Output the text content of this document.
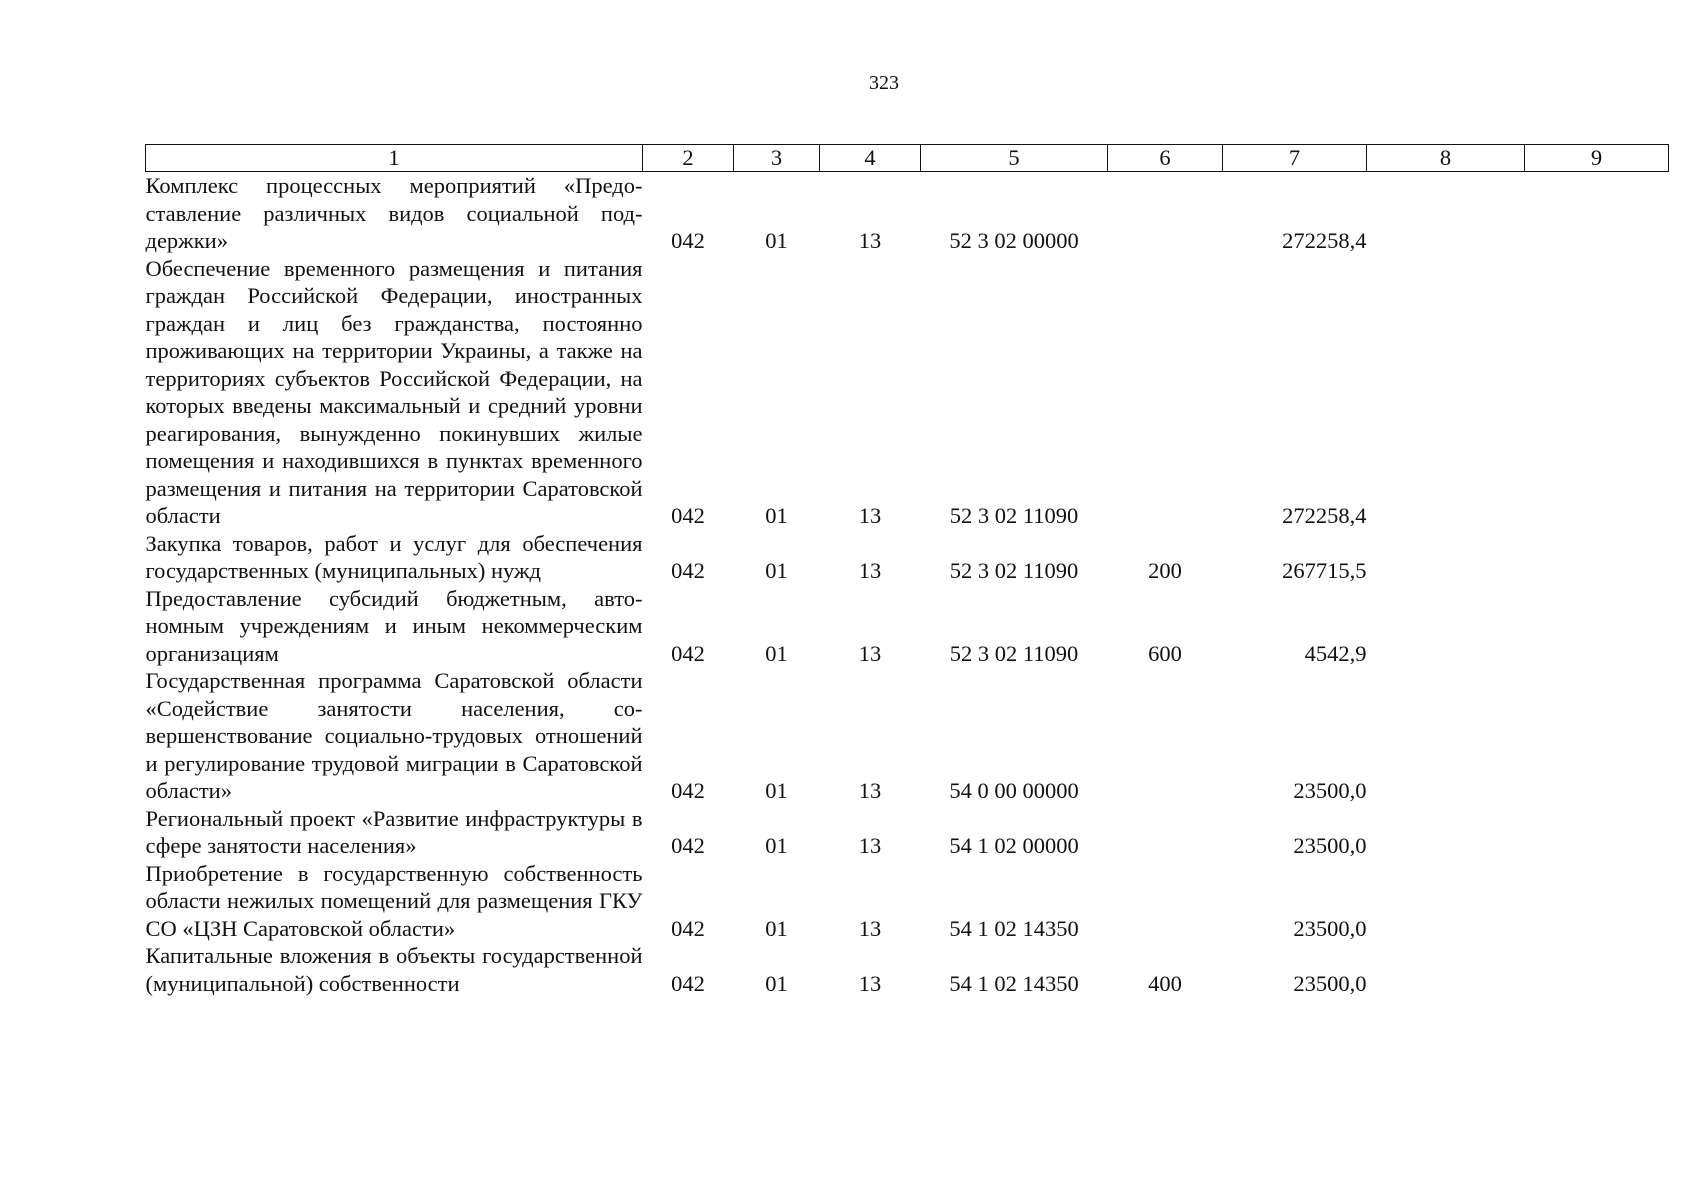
323
1	2	3	4	5	6	7	8	9
Комплекс процессных мероприятий «Предоставление различных видов социальной поддержки»	042	01	13	52 3 02 00000		272258,4		
Обеспечение временного размещения и питания граждан Российской Федерации, иностранных граждан и лиц без гражданства, постоянно проживающих на территории Украины, а также на территориях субъектов Российской Федерации, на которых введены максимальный и средний уровни реагирования, вынужденно покинувших жилые помещения и находившихся в пунктах временного размещения и питания на территории Саратовской области	042	01	13	52 3 02 11090		272258,4		
Закупка товаров, работ и услуг для обеспечения государственных (муниципальных) нужд	042	01	13	52 3 02 11090	200	267715,5		
Предоставление субсидий бюджетным, автономным учреждениям и иным некоммерческим организациям	042	01	13	52 3 02 11090	600	4542,9		
Государственная программа Саратовской области «Содействие занятости населения, совершенствование социально-трудовых отношений и регулирование трудовой миграции в Саратовской области»	042	01	13	54 0 00 00000		23500,0		
Региональный проект «Развитие инфраструктуры в сфере занятости населения»	042	01	13	54 1 02 00000		23500,0		
Приобретение в государственную собственность области нежилых помещений для размещения ГКУ СО «ЦЗН Саратовской области»	042	01	13	54 1 02 14350		23500,0		
Капитальные вложения в объекты государственной (муниципальной) собственности	042	01	13	54 1 02 14350	400	23500,0		
